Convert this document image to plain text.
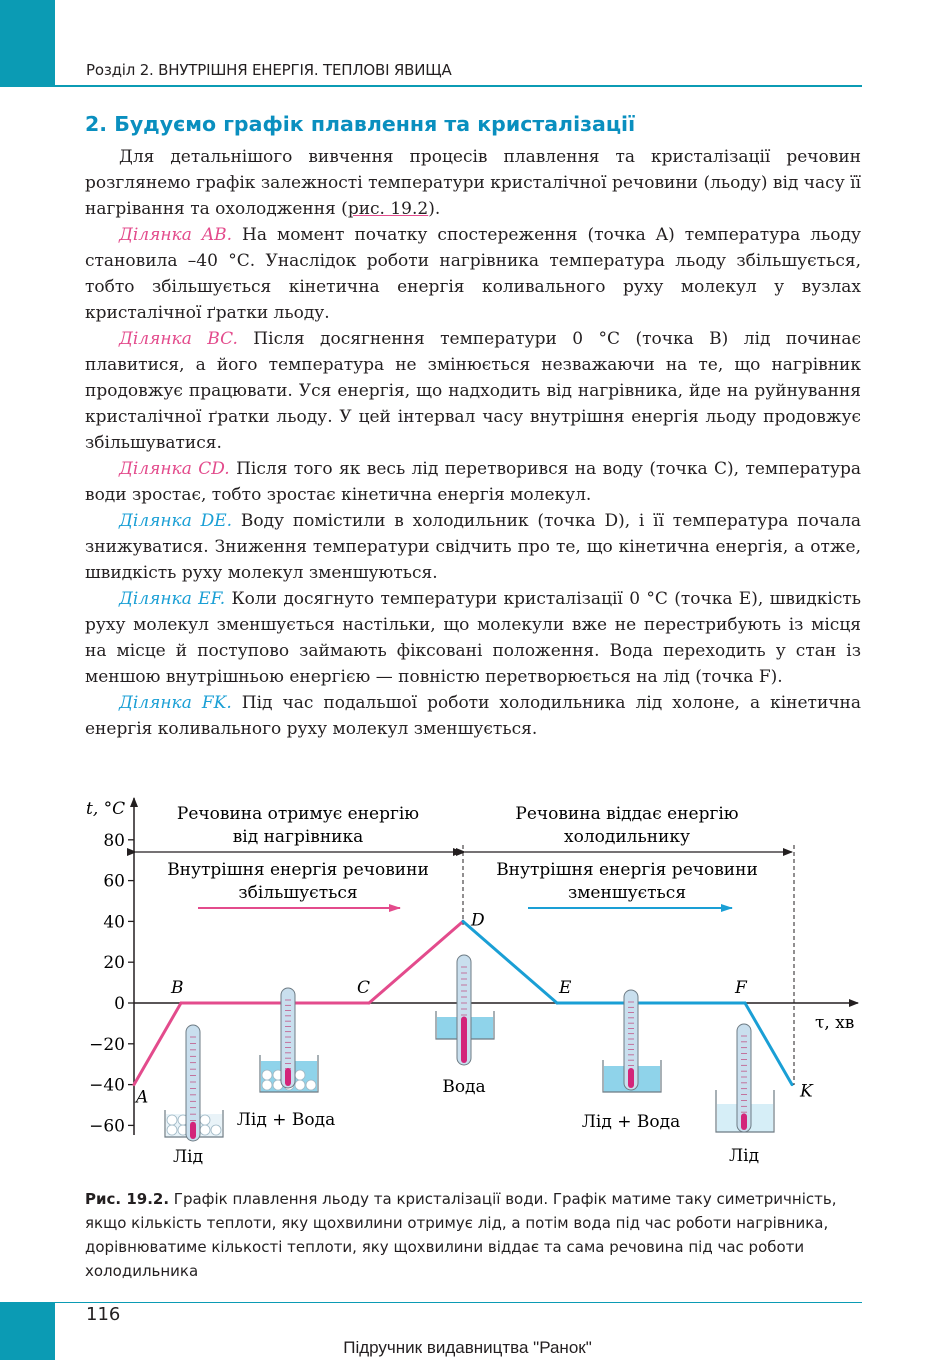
Розділ 2. ВНУТРІШНЯ ЕНЕРГІЯ. ТЕПЛОВІ ЯВИЩА
2. Будуємо графік плавлення та кристалізації

Для детальнішого вивчення процесів плавлення та кристалізації речовин розглянемо графік залежності температури кристалічної речовини (льоду) від часу її нагрівання та охолодження (рис. 19.2).

Ділянка AB. На момент початку спостереження (точка A) температура льоду становила –40 °С. Унаслідок роботи нагрівника температура льоду збільшується, тобто збільшується кінетична енергія коливального руху молекул у вузлах кристалічної ґратки льоду.

Ділянка BC. Після досягнення температури 0 °С (точка B) лід починає плавитися, а його температура не змінюється незважаючи на те, що нагрівник продовжує працювати. Уся енергія, що надходить від нагрівника, йде на руйнування кристалічної ґратки льоду. У цей інтервал часу внутрішня енергія льоду продовжує збільшуватися.

Ділянка CD. Після того як весь лід перетворився на воду (точка C), температура води зростає, тобто зростає кінетична енергія молекул.

Ділянка DE. Воду помістили в холодильник (точка D), і її температура почала знижуватися. Зниження температури свідчить про те, що кінетична енергія, а отже, швидкість руху молекул зменшуються.

Ділянка EF. Коли досягнуто температури кристалізації 0 °С (точка E), швидкість руху молекул зменшується настільки, що молекули вже не перестрибують із місця на місце й поступово займають фіксовані положення. Вода переходить у стан із меншою внутрішньою енергією — повністю перетворюється на лід (точка F).

Ділянка FK. Під час подальшої роботи холодильника лід холоне, а кінетична енергія коливального руху молекул зменшується.

t, °C
τ, хв
80
60
40
20
0
−20
−40
−60
Речовина отримує енергію
від нагрівника
Речовина віддає енергію
холодильнику
Внутрішня енергія речовини
збільшується
Внутрішня енергія речовини
зменшується
A
B	C
D
E	F
K
Лід
Лід + Вода
Вода
Лід + Вода
Лід
Рис. 19.2. Графік плавлення льоду та кристалізації води. Графік матиме таку симетричність, якщо кількість теплоти, яку щохвилини отримує лід, а потім вода під час роботи нагрівника, дорівнюватиме кількості теплоти, яку щохвилини віддає та сама речовина під час роботи холодильника
116
Підручник видавництва "Ранок"
